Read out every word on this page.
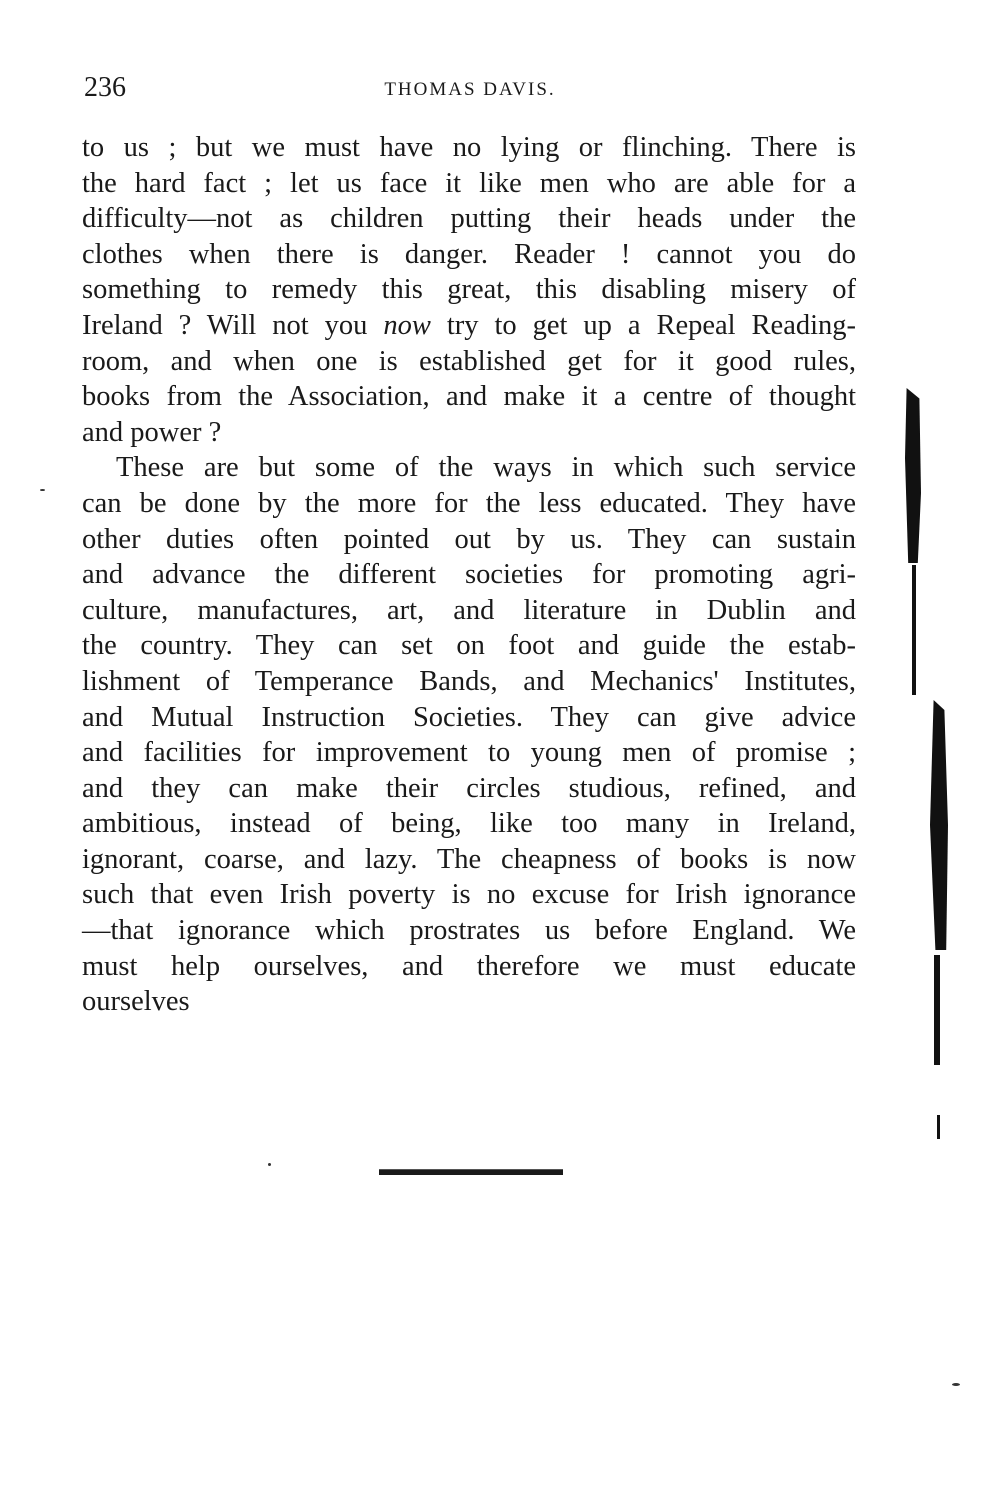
236	THOMAS DAVIS.
to us ; but we must have no lying or flinching. There is
the hard fact ; let us face it like men who are able for a
difficulty—not as children putting their heads under the
clothes when there is danger. Reader ! cannot you do
something to remedy this great, this disabling misery of
Ireland ? Will not you now try to get up a Repeal Reading-
room, and when one is established get for it good rules,
books from the Association, and make it a centre of thought
and power ?
These are but some of the ways in which such service
can be done by the more for the less educated. They have
other duties often pointed out by us. They can sustain
and advance the different societies for promoting agri-
culture, manufactures, art, and literature in Dublin and
the country. They can set on foot and guide the estab-
lishment of Temperance Bands, and Mechanics' Institutes,
and Mutual Instruction Societies. They can give advice
and facilities for improvement to young men of promise ;
and they can make their circles studious, refined, and
ambitious, instead of being, like too many in Ireland,
ignorant, coarse, and lazy. The cheapness of books is now
such that even Irish poverty is no excuse for Irish ignorance
—that ignorance which prostrates us before England. We
must help ourselves, and therefore we must educate
ourselves
